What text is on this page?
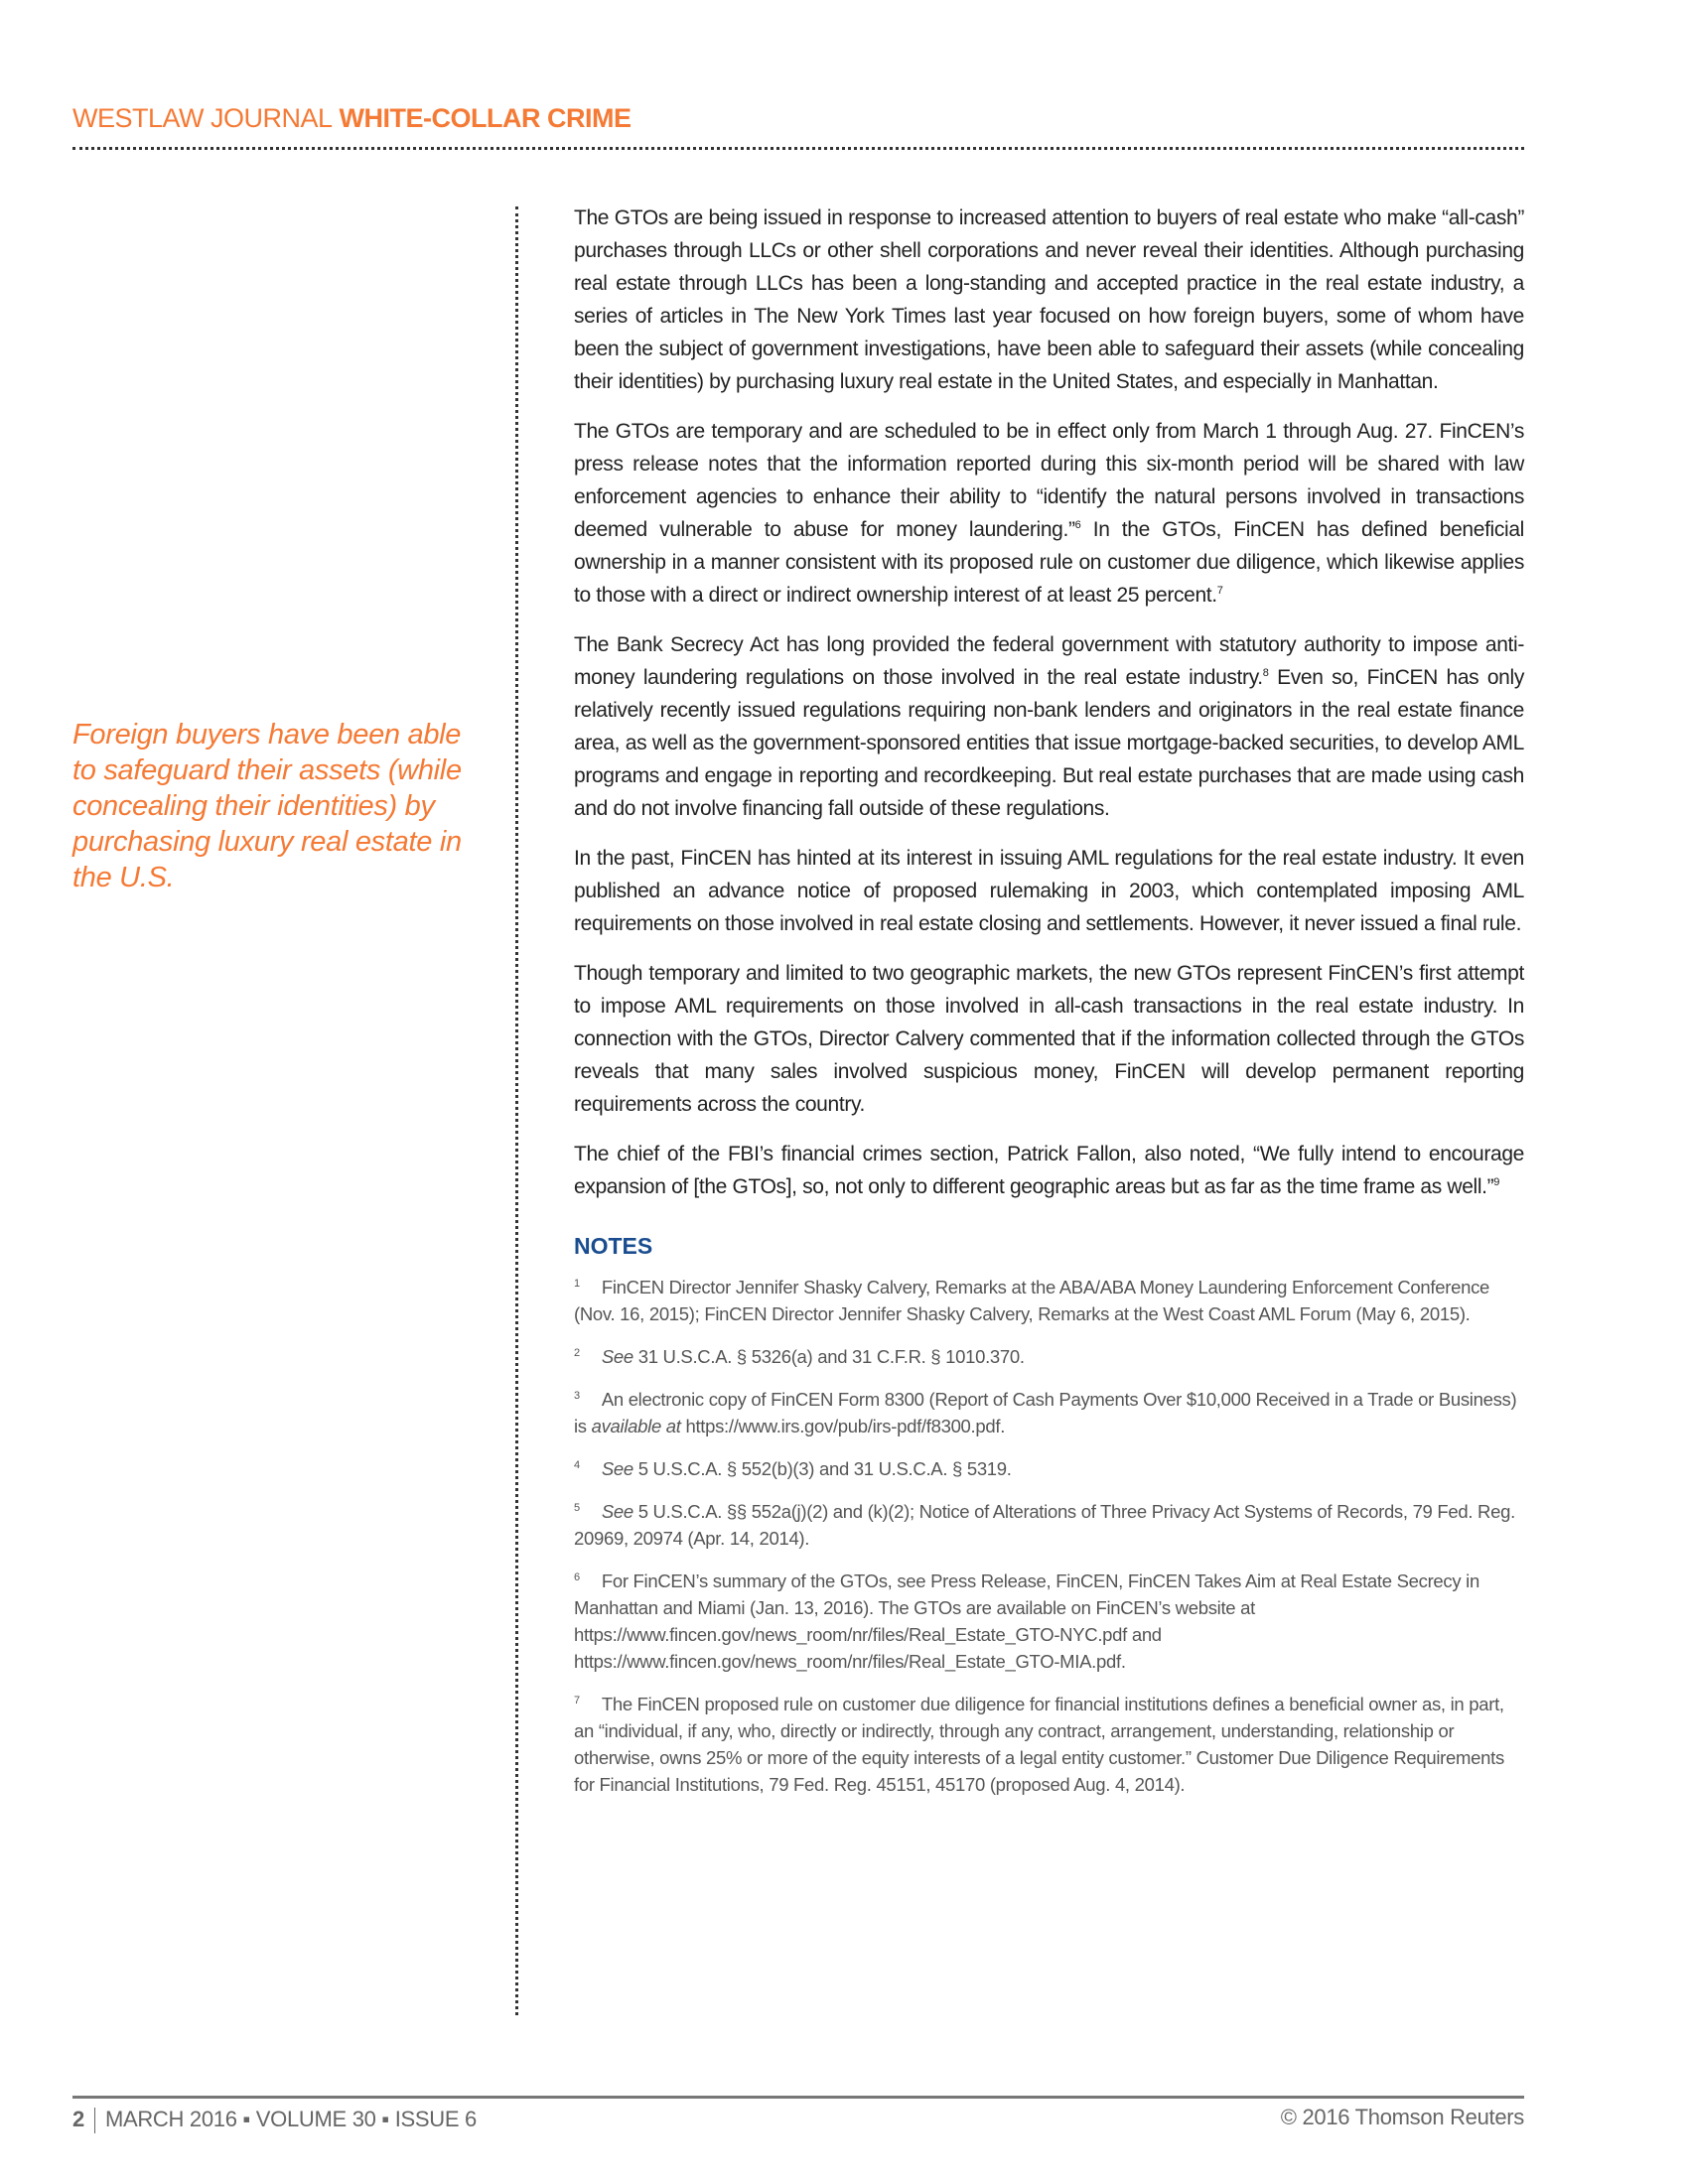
WESTLAW JOURNAL WHITE-COLLAR CRIME
Foreign buyers have been able to safeguard their assets (while concealing their identities) by purchasing luxury real estate in the U.S.

The GTOs are being issued in response to increased attention to buyers of real estate who make “all-cash” purchases through LLCs or other shell corporations and never reveal their identities. Although purchasing real estate through LLCs has been a long-standing and accepted practice in the real estate industry, a series of articles in The New York Times last year focused on how foreign buyers, some of whom have been the subject of government investigations, have been able to safeguard their assets (while concealing their identities) by purchasing luxury real estate in the United States, and especially in Manhattan.

The GTOs are temporary and are scheduled to be in effect only from March 1 through Aug. 27. FinCEN’s press release notes that the information reported during this six-month period will be shared with law enforcement agencies to enhance their ability to “identify the natural persons involved in transactions deemed vulnerable to abuse for money laundering.”$^6$ In the GTOs, FinCEN has defined beneficial ownership in a manner consistent with its proposed rule on customer due diligence, which likewise applies to those with a direct or indirect ownership interest of at least 25 percent.$^7$

The Bank Secrecy Act has long provided the federal government with statutory authority to impose anti-money laundering regulations on those involved in the real estate industry.$^8$ Even so, FinCEN has only relatively recently issued regulations requiring non-bank lenders and originators in the real estate finance area, as well as the government-sponsored entities that issue mortgage-backed securities, to develop AML programs and engage in reporting and recordkeeping. But real estate purchases that are made using cash and do not involve financing fall outside of these regulations.

In the past, FinCEN has hinted at its interest in issuing AML regulations for the real estate industry. It even published an advance notice of proposed rulemaking in 2003, which contemplated imposing AML requirements on those involved in real estate closing and settlements. However, it never issued a final rule.

Though temporary and limited to two geographic markets, the new GTOs represent FinCEN’s first attempt to impose AML requirements on those involved in all-cash transactions in the real estate industry. In connection with the GTOs, Director Calvery commented that if the information collected through the GTOs reveals that many sales involved suspicious money, FinCEN will develop permanent reporting requirements across the country.

The chief of the FBI’s financial crimes section, Patrick Fallon, also noted, “We fully intend to encourage expansion of [the GTOs], so, not only to different geographic areas but as far as the time frame as well.”$^9$

NOTES
$^1$ FinCEN Director Jennifer Shasky Calvery, Remarks at the ABA/ABA Money Laundering Enforcement Conference (Nov. 16, 2015); FinCEN Director Jennifer Shasky Calvery, Remarks at the West Coast AML Forum (May 6, 2015).
$^2$ See 31 U.S.C.A. § 5326(a) and 31 C.F.R. § 1010.370.
$^3$ An electronic copy of FinCEN Form 8300 (Report of Cash Payments Over $10,000 Received in a Trade or Business) is available at https://www.irs.gov/pub/irs-pdf/f8300.pdf.
$^4$ See 5 U.S.C.A. § 552(b)(3) and 31 U.S.C.A. § 5319.
$^5$ See 5 U.S.C.A. §§ 552a(j)(2) and (k)(2); Notice of Alterations of Three Privacy Act Systems of Records, 79 Fed. Reg. 20969, 20974 (Apr. 14, 2014).
$^6$ For FinCEN’s summary of the GTOs, see Press Release, FinCEN, FinCEN Takes Aim at Real Estate Secrecy in Manhattan and Miami (Jan. 13, 2016). The GTOs are available on FinCEN’s website at https://www.fincen.gov/news_room/nr/files/Real_Estate_GTO-NYC.pdf and https://www.fincen.gov/news_room/nr/files/Real_Estate_GTO-MIA.pdf.
$^7$ The FinCEN proposed rule on customer due diligence for financial institutions defines a beneficial owner as, in part, an “individual, if any, who, directly or indirectly, through any contract, arrangement, understanding, relationship or otherwise, owns 25% or more of the equity interests of a legal entity customer.” Customer Due Diligence Requirements for Financial Institutions, 79 Fed. Reg. 45151, 45170 (proposed Aug. 4, 2014).
2 MARCH 2016 ▪ VOLUME 30 ▪ ISSUE 6	© 2016 Thomson Reuters
